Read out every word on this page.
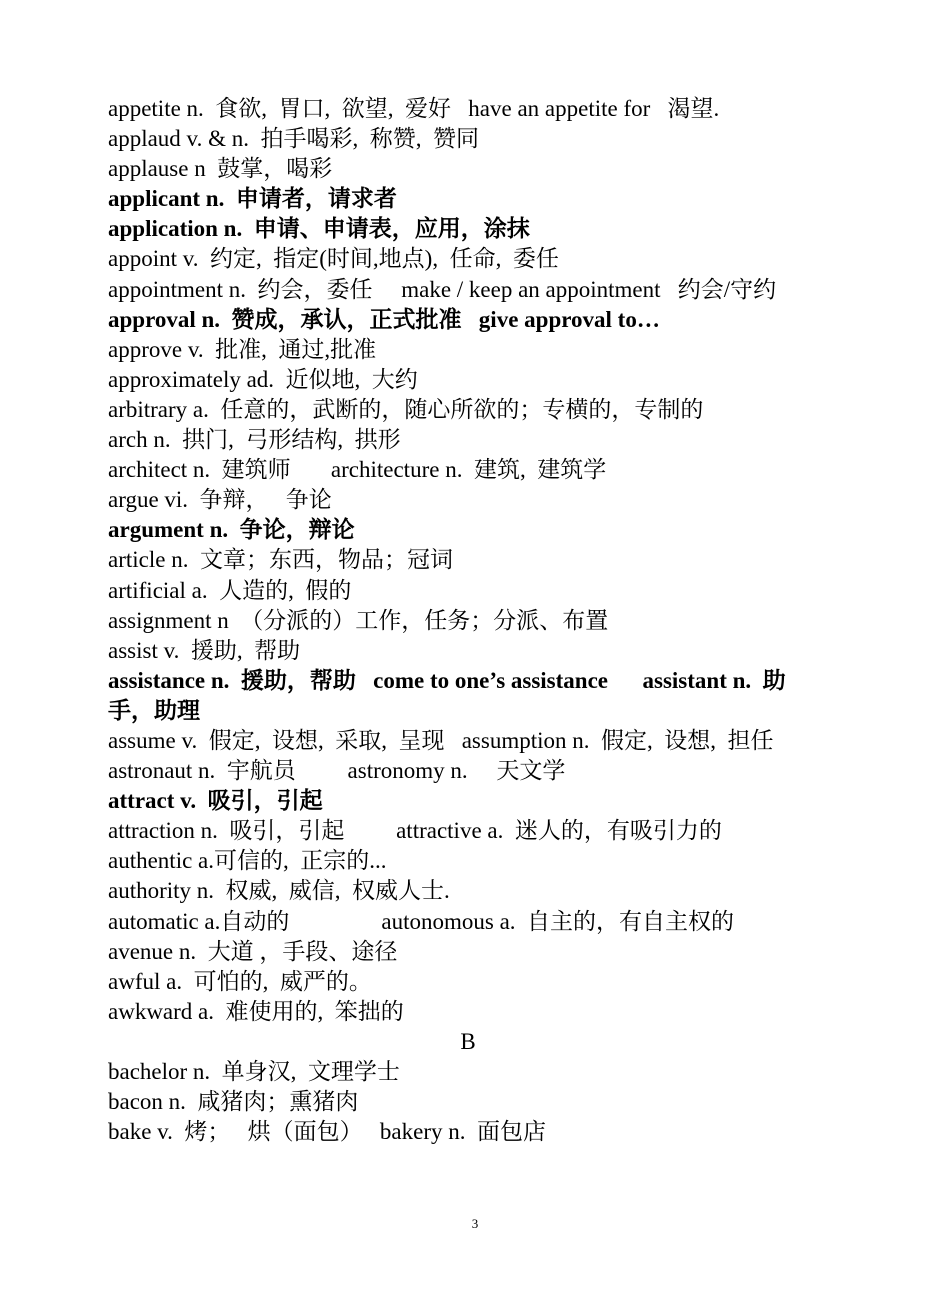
appetite n.  食欲,  胃口,  欲望,  爱好   have an appetite for   渴望.

applaud v. & n.  拍手喝彩,  称赞,  赞同

applause n  鼓掌，喝彩

applicant n.  申请者，请求者

application n.  申请、申请表，应用，涂抹

appoint v.  约定,  指定(时间,地点),  任命,  委任

appointment n.  约会，委任     make / keep an appointment   约会/守约

approval n.  赞成，承认，正式批准   give approval to…

approve v.  批准,  通过,批准

approximately ad.  近似地,  大约

arbitrary a.  任意的，武断的，随心所欲的；专横的，专制的

arch n.  拱门,  弓形结构,  拱形

architect n.  建筑师       architecture n.  建筑,  建筑学

argue vi.  争辩，   争论

argument n.  争论，辩论

article n.  文章；东西，物品；冠词

artificial a.  人造的,  假的

assignment n  （分派的）工作，任务；分派、布置

assist v.  援助,  帮助

assistance n.  援助，帮助   come to one’s assistance      assistant n.  助手，助理

assume v.  假定,  设想,  采取,  呈现   assumption n.  假定,  设想,  担任

astronaut n.  宇航员         astronomy n.     天文学

attract v.  吸引，引起

attraction n.  吸引，引起         attractive a.  迷人的，有吸引力的

authentic a.可信的,  正宗的...

authority n.  权威,  威信,  权威人士.

automatic a.自动的                autonomous a.  自主的，有自主权的

avenue n.  大道 ，手段、途径

awful a.  可怕的,  威严的。

awkward a.  难使用的,  笨拙的

B

bachelor n.  单身汉,  文理学士

bacon n.  咸猪肉；熏猪肉

bake v.  烤；   烘（面包）   bakery n.  面包店

3
